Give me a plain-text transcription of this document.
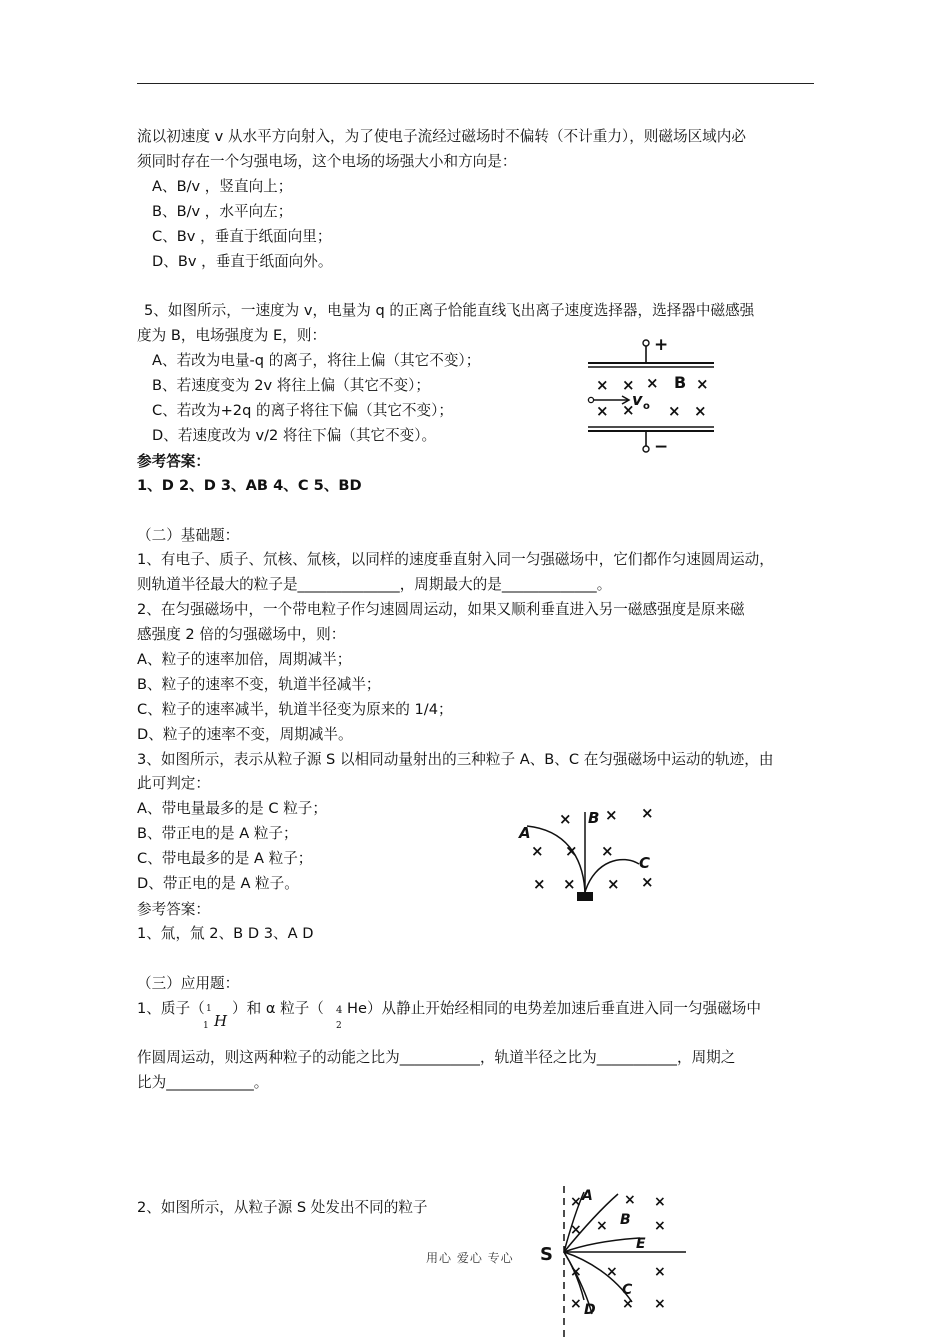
流以初速度 v 从水平方向射入，为了使电子流经过磁场时不偏转（不计重力），则磁场区域内必
须同时存在一个匀强电场，这个电场的场强大小和方向是：
A、B/v ，竖直向上；
B、B/v ，水平向左；
C、Bv ，垂直于纸面向里；
D、Bv ，垂直于纸面向外。
5、如图所示，一速度为 v，电量为 q 的正离子恰能直线飞出离子速度选择器，选择器中磁感强
度为 B，电场强度为 E，则：
A、若改为电量-q 的离子，将往上偏（其它不变）；
B、若速度变为 2v 将往上偏（其它不变）；
C、若改为+2q 的离子将往下偏（其它不变）；
D、若速度改为 v/2 将往下偏（其它不变）。
+
× × × B ×
v o
× × × ×
−
参考答案：
1、D 2、D 3、AB 4、C 5、BD
（二）基础题：
1、有电子、质子、氘核、氚核，以同样的速度垂直射入同一匀强磁场中，它们都作匀速圆周运动，
则轨道半径最大的粒子是______________，周期最大的是_____________。
2、在匀强磁场中，一个带电粒子作匀速圆周运动，如果又顺利垂直进入另一磁感强度是原来磁
感强度 2 倍的匀强磁场中，则：
A、粒子的速率加倍，周期减半；
B、粒子的速率不变，轨道半径减半；
C、粒子的速率减半，轨道半径变为原来的 1/4；
D、粒子的速率不变，周期减半。
3、如图所示，表示从粒子源 S 以相同动量射出的三种粒子 A、B、C 在匀强磁场中运动的轨迹，由
此可判定：
A、带电量最多的是 C 粒子；
B、带正电的是 A 粒子；
C、带电最多的是 A 粒子；
D、带正电的是 A 粒子。
× × ×
× × ×
× × × ×
A
B
C
参考答案：
1、氚，氚 2、B D 3、A D
（三）应用题：
1、质子（ 1
1 H
）和 α 粒子（ 4
2
He）从静止开始经相同的电势差加速后垂直进入同一匀强磁场中
作圆周运动，则这两种粒子的动能之比为___________，轨道半径之比为___________，周期之
比为____________。
2、如图所示，从粒子源 S 处发出不同的粒子
S
A
B
E
C
D
×	× ×
× ×	×
× ×	×
×	× ×
用心 爱心 专心
